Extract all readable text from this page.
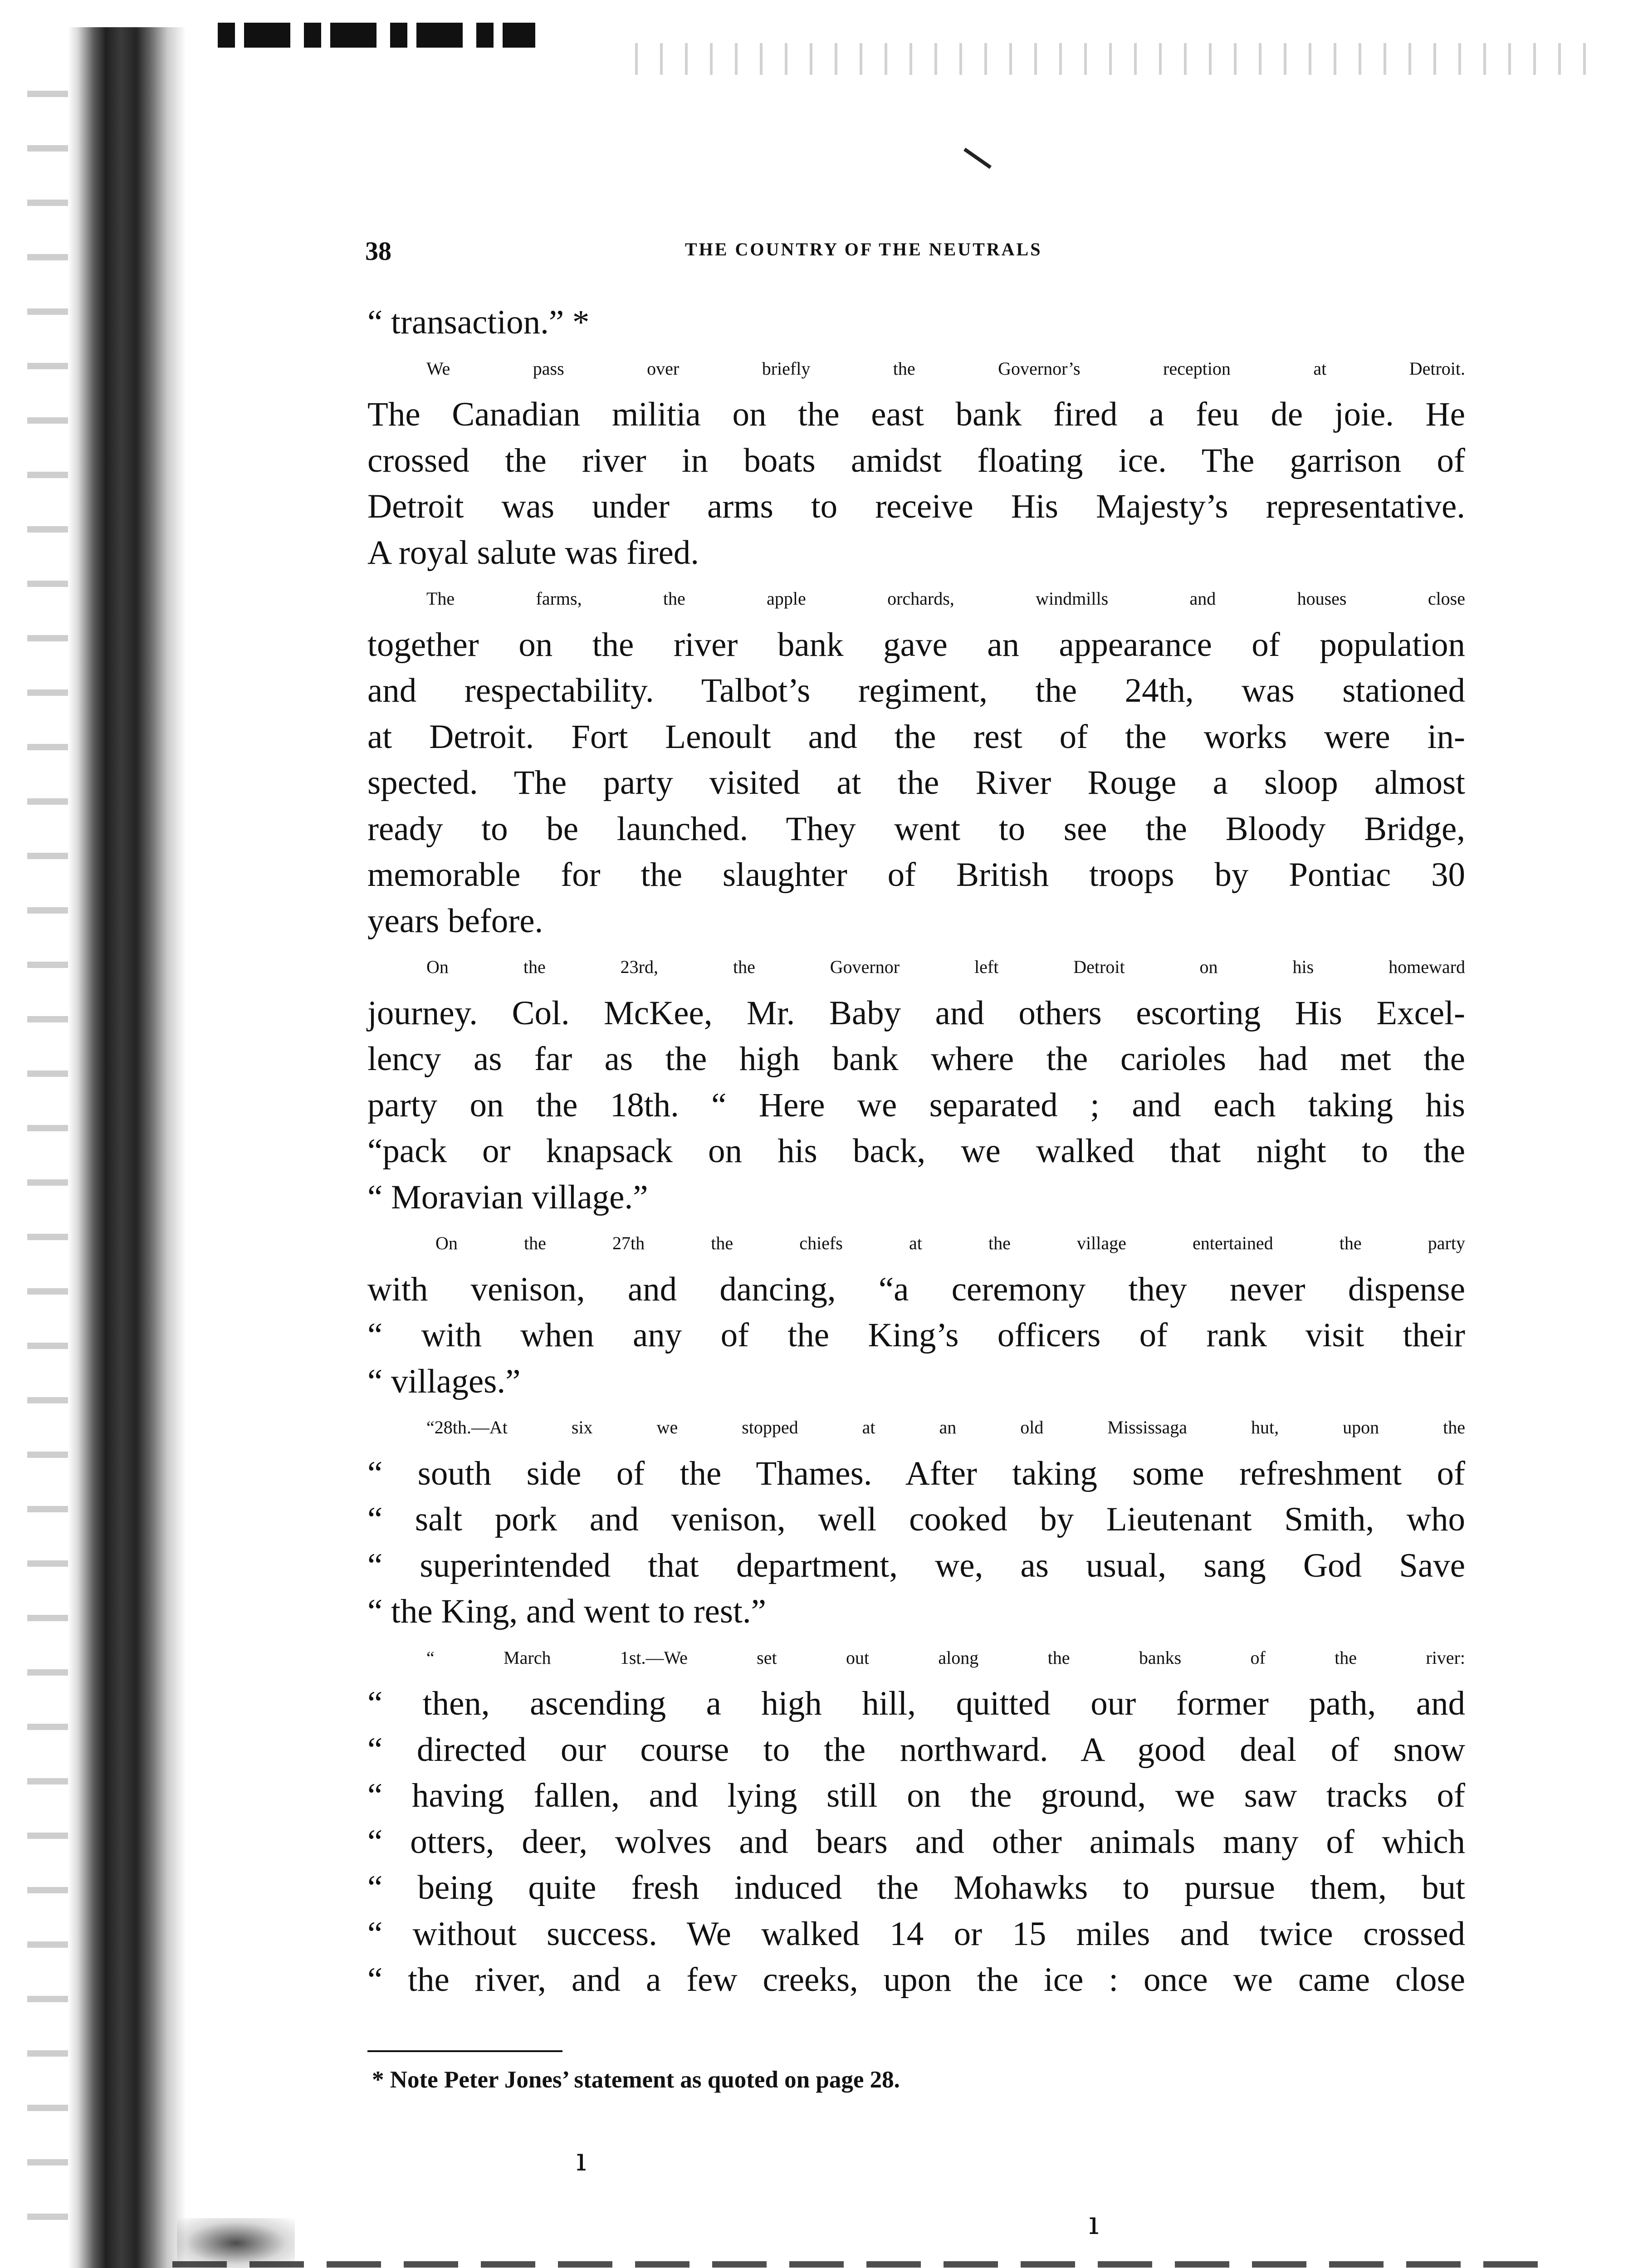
ı
ı
38	THE COUNTRY OF THE NEUTRALS
“ transaction.” *
We pass over briefly the Governor’s reception at Detroit.
The Canadian militia on the east bank fired a feu de joie. He
crossed the river in boats amidst floating ice. The garrison of
Detroit was under arms to receive His Majesty’s representative.
A royal salute was fired.
The farms, the apple orchards, windmills and houses close
together on the river bank gave an appearance of population
and respectability. Talbot’s regiment, the 24th, was stationed
at Detroit. Fort Lenoult and the rest of the works were in-
spected. The party visited at the River Rouge a sloop almost
ready to be launched. They went to see the Bloody Bridge,
memorable for the slaughter of British troops by Pontiac 30
years before.
On the 23rd, the Governor left Detroit on his homeward
journey. Col. McKee, Mr. Baby and others escorting His Excel-
lency as far as the high bank where the carioles had met the
party on the 18th. “ Here we separated ; and each taking his
“pack or knapsack on his back, we walked that night to the
“ Moravian village.”
On the 27th the chiefs at the village entertained the party
with venison, and dancing, “a ceremony they never dispense
“ with when any of the King’s officers of rank visit their
“ villages.”
“28th.—At six we stopped at an old Mississaga hut, upon the
“ south side of the Thames. After taking some refreshment of
“ salt pork and venison, well cooked by Lieutenant Smith, who
“ superintended that department, we, as usual, sang God Save
“ the King, and went to rest.”
“ March 1st.—We set out along the banks of the river:
“ then, ascending a high hill, quitted our former path, and
“ directed our course to the northward. A good deal of snow
“ having fallen, and lying still on the ground, we saw tracks of
“ otters, deer, wolves and bears and other animals many of which
“ being quite fresh induced the Mohawks to pursue them, but
“ without success. We walked 14 or 15 miles and twice crossed
“ the river, and a few creeks, upon the ice : once we came close
* Note Peter Jones’ statement as quoted on page 28.
